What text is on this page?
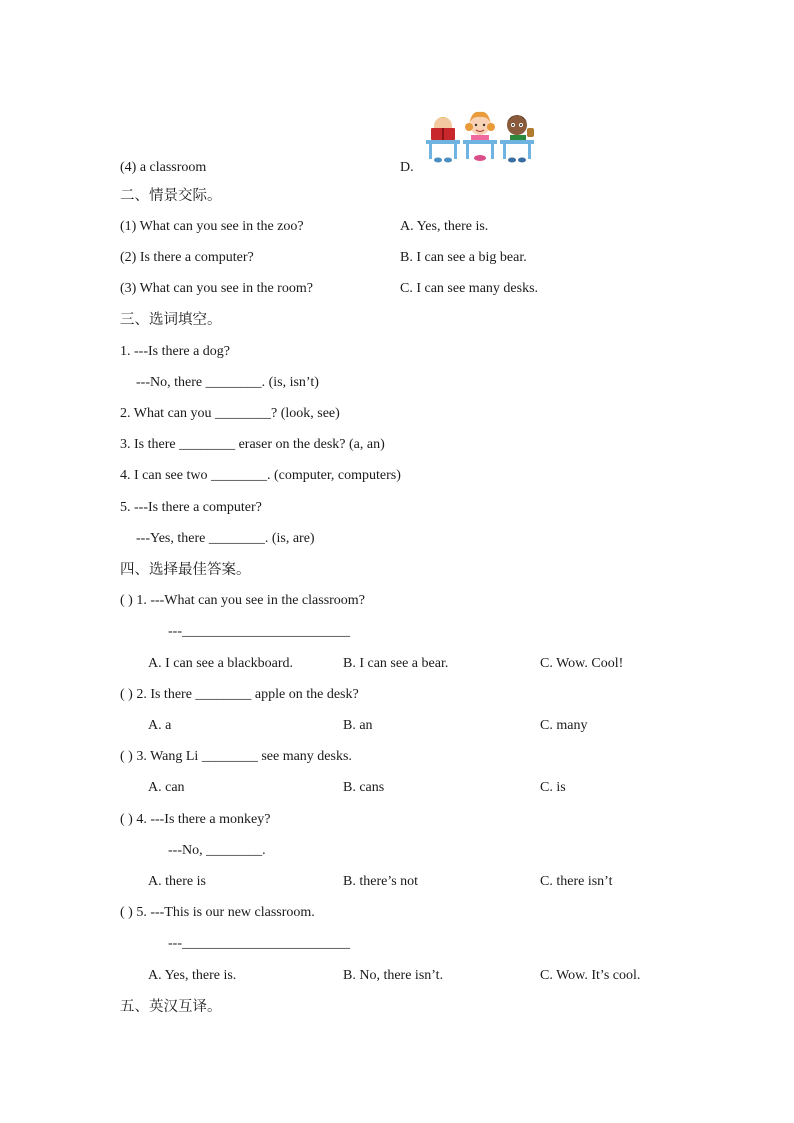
(4) a classroom	D.
二、情景交际。
(1) What can you see in the zoo?	A. Yes, there is.
(2) Is there a computer?	B. I can see a big bear.
(3) What can you see in the room?	C. I can see many desks.
三、选词填空。
1. ---Is there a dog?
---No, there ________. (is, isn’t)
2. What can you ________? (look, see)
3. Is there ________ eraser on the desk? (a, an)
4. I can see two ________. (computer, computers)
5. ---Is there a computer?
---Yes, there ________. (is, are)
四、选择最佳答案。
( ) 1. ---What can you see in the classroom?
---________________________
A. I can see a blackboard.	B. I can see a bear.	C. Wow. Cool!
( ) 2. Is there ________ apple on the desk?
A. a	B. an	C. many
( ) 3. Wang Li ________ see many desks.
A. can	B. cans	C. is
( ) 4. ---Is there a monkey?
---No, ________.
A. there is	B. there’s not	C. there isn’t
( ) 5. ---This is our new classroom.
---________________________
A. Yes, there is.	B. No, there isn’t.	C. Wow. It’s cool.
五、英汉互译。
